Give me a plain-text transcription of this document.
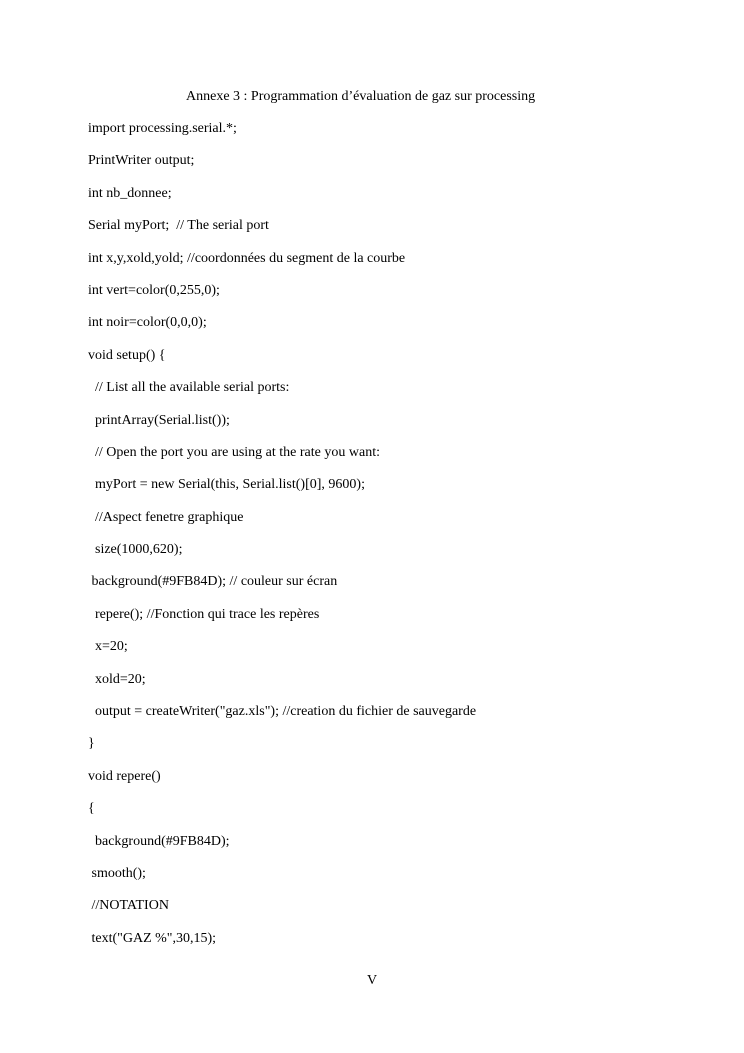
Annexe 3 : Programmation d’évaluation de gaz sur processing
import processing.serial.*;
PrintWriter output;
int nb_donnee;
Serial myPort;  // The serial port
int x,y,xold,yold; //coordonnées du segment de la courbe
int vert=color(0,255,0);
int noir=color(0,0,0);
void setup() {
// List all the available serial ports:
printArray(Serial.list());
// Open the port you are using at the rate you want:
myPort = new Serial(this, Serial.list()[0], 9600);
//Aspect fenetre graphique
size(1000,620);
background(#9FB84D); // couleur sur écran
repere(); //Fonction qui trace les repères
x=20;
xold=20;
output = createWriter("gaz.xls"); //creation du fichier de sauvegarde
}
void repere()
{
background(#9FB84D);
smooth();
//NOTATION
text("GAZ %",30,15);
V
